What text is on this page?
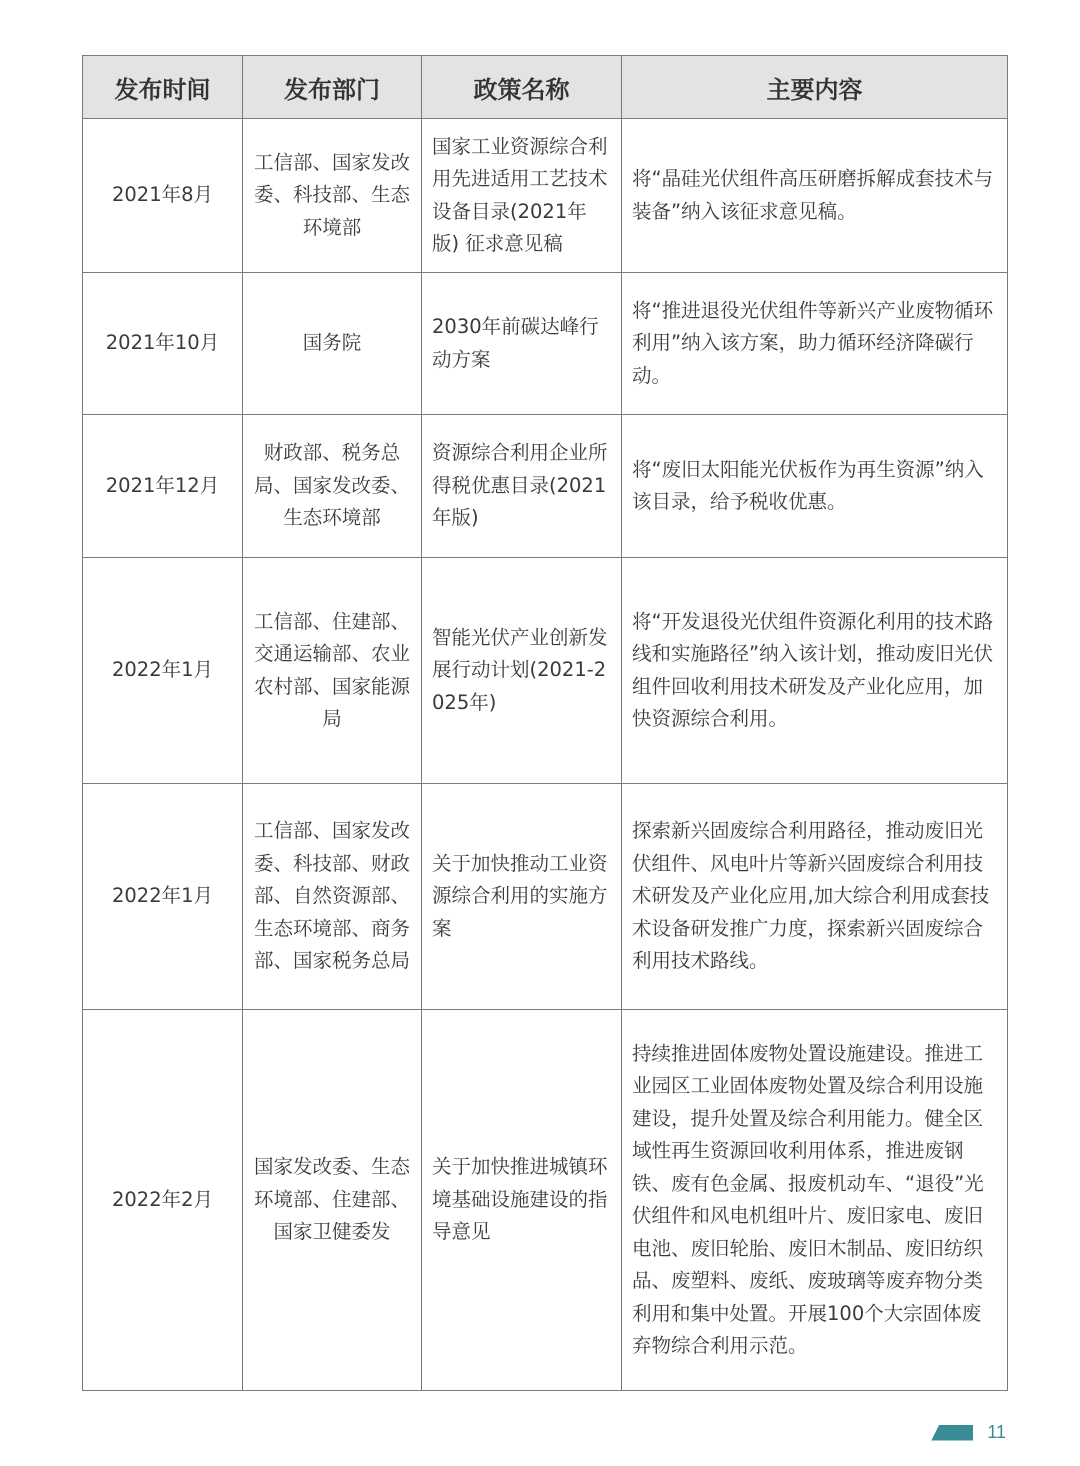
发布时间	发布部门	政策名称	主要内容
2021年8月	工信部、国家发改委、科技部、生态环境部	国家工业资源综合利用先进适用工艺技术设备目录(2021年版) 征求意见稿	将“晶硅光伏组件高压研磨拆解成套技术与装备”纳入该征求意见稿。
2021年10月	国务院	2030年前碳达峰行动方案	将“推进退役光伏组件等新兴产业废物循环利用”纳入该方案，助力循环经济降碳行动。
2021年12月	财政部、税务总局、国家发改委、生态环境部	资源综合利用企业所得税优惠目录(2021年版)	将“废旧太阳能光伏板作为再生资源”纳入该目录，给予税收优惠。
2022年1月	工信部、住建部、交通运输部、农业农村部、国家能源局	智能光伏产业创新发展行动计划(2021-2025年)	将“开发退役光伏组件资源化利用的技术路线和实施路径”纳入该计划，推动废旧光伏组件回收利用技术研发及产业化应用，加快资源综合利用。
2022年1月	工信部、国家发改委、科技部、财政部、自然资源部、生态环境部、商务部、国家税务总局	关于加快推动工业资源综合利用的实施方案	探索新兴固废综合利用路径，推动废旧光伏组件、风电叶片等新兴固废综合利用技术研发及产业化应用,加大综合利用成套技术设备研发推广力度，探索新兴固废综合利用技术路线。
2022年2月	国家发改委、生态环境部、住建部、国家卫健委发	关于加快推进城镇环境基础设施建设的指导意见	持续推进固体废物处置设施建设。推进工业园区工业固体废物处置及综合利用设施建设，提升处置及综合利用能力。健全区域性再生资源回收利用体系，推进废钢铁、废有色金属、报废机动车、“退役”光伏组件和风电机组叶片、废旧家电、废旧电池、废旧轮胎、废旧木制品、废旧纺织品、废塑料、废纸、废玻璃等废弃物分类利用和集中处置。开展100个大宗固体废弃物综合利用示范。
11
